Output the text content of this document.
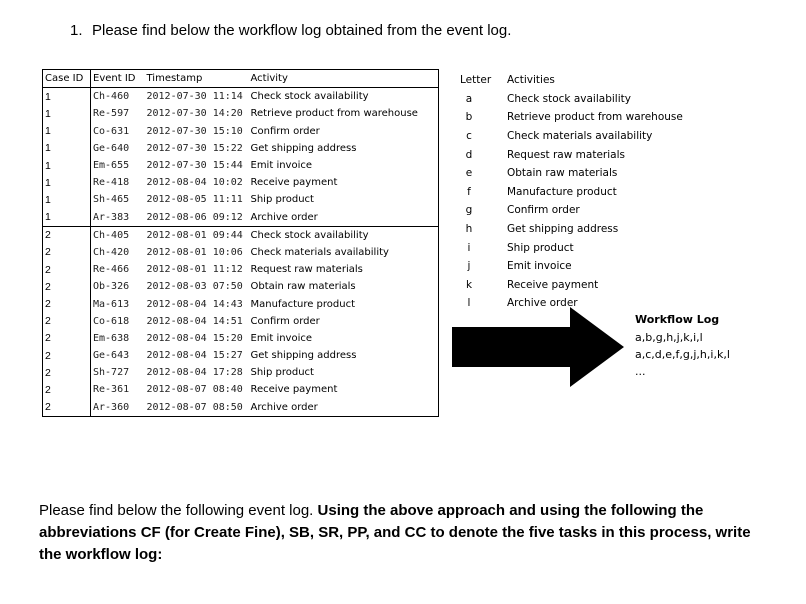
1. Please find below the workflow log obtained from the event log.
Case ID	Event ID	Timestamp	Activity
1	Ch-460	2012-07-30 11:14	Check stock availability
1	Re-597	2012-07-30 14:20	Retrieve product from warehouse
1	Co-631	2012-07-30 15:10	Confirm order
1	Ge-640	2012-07-30 15:22	Get shipping address
1	Em-655	2012-07-30 15:44	Emit invoice
1	Re-418	2012-08-04 10:02	Receive payment
1	Sh-465	2012-08-05 11:11	Ship product
1	Ar-383	2012-08-06 09:12	Archive order
2	Ch-405	2012-08-01 09:44	Check stock availability
2	Ch-420	2012-08-01 10:06	Check materials availability
2	Re-466	2012-08-01 11:12	Request raw materials
2	Ob-326	2012-08-03 07:50	Obtain raw materials
2	Ma-613	2012-08-04 14:43	Manufacture product
2	Co-618	2012-08-04 14:51	Confirm order
2	Em-638	2012-08-04 15:20	Emit invoice
2	Ge-643	2012-08-04 15:27	Get shipping address
2	Sh-727	2012-08-04 17:28	Ship product
2	Re-361	2012-08-07 08:40	Receive payment
2	Ar-360	2012-08-07 08:50	Archive order
Letter	Activities
a	Check stock availability
b	Retrieve product from warehouse
c	Check materials availability
d	Request raw materials
e	Obtain raw materials
f	Manufacture product
g	Confirm order
h	Get shipping address
i	Ship product
j	Emit invoice
k	Receive payment
l	Archive order
Workflow Log
a,b,g,h,j,k,i,l
a,c,d,e,f,g,j,h,i,k,l
...
Please find below the following event log. Using the above approach and using the following the abbreviations CF (for Create Fine), SB, SR, PP, and CC to denote the five tasks in this process, write the workflow log:
